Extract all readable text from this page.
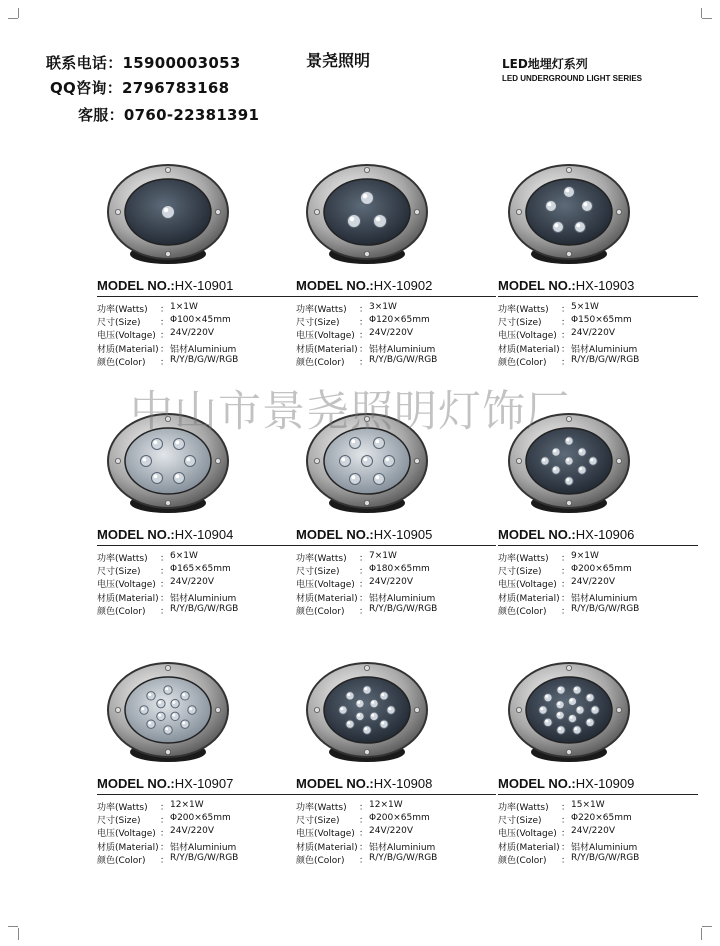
联系电话：15900003053
QQ咨询：2796783168
客服：0760-22381391
景尧照明	LED地埋灯系列
LED UNDERGROUND LIGHT SERIES
MODEL NO.:HX-10901
功率(Watts) ： 1×1W
尺寸(Size) ： Φ100×45mm
电压(Voltage) ： 24V/220V
材质(Material) ： 铝材Aluminium
颜色(Color) ： R/Y/B/G/W/RGB
MODEL NO.:HX-10902
功率(Watts) ： 3×1W
尺寸(Size) ： Φ120×65mm
电压(Voltage) ： 24V/220V
材质(Material) ： 铝材Aluminium
颜色(Color) ： R/Y/B/G/W/RGB
MODEL NO.:HX-10903
功率(Watts) ： 5×1W
尺寸(Size) ： Φ150×65mm
电压(Voltage) ： 24V/220V
材质(Material) ： 铝材Aluminium
颜色(Color) ： R/Y/B/G/W/RGB
MODEL NO.:HX-10904
功率(Watts) ： 6×1W
尺寸(Size) ： Φ165×65mm
电压(Voltage) ： 24V/220V
材质(Material) ： 铝材Aluminium
颜色(Color) ： R/Y/B/G/W/RGB
MODEL NO.:HX-10905
功率(Watts) ： 7×1W
尺寸(Size) ： Φ180×65mm
电压(Voltage) ： 24V/220V
材质(Material) ： 铝材Aluminium
颜色(Color) ： R/Y/B/G/W/RGB
MODEL NO.:HX-10906
功率(Watts) ： 9×1W
尺寸(Size) ： Φ200×65mm
电压(Voltage) ： 24V/220V
材质(Material) ： 铝材Aluminium
颜色(Color) ： R/Y/B/G/W/RGB
MODEL NO.:HX-10907
功率(Watts) ： 12×1W
尺寸(Size) ： Φ200×65mm
电压(Voltage) ： 24V/220V
材质(Material) ： 铝材Aluminium
颜色(Color) ： R/Y/B/G/W/RGB
MODEL NO.:HX-10908
功率(Watts) ： 12×1W
尺寸(Size) ： Φ200×65mm
电压(Voltage) ： 24V/220V
材质(Material) ： 铝材Aluminium
颜色(Color) ： R/Y/B/G/W/RGB
MODEL NO.:HX-10909
功率(Watts) ： 15×1W
尺寸(Size) ： Φ220×65mm
电压(Voltage) ： 24V/220V
材质(Material) ： 铝材Aluminium
颜色(Color) ： R/Y/B/G/W/RGB
中山市景尧照明灯饰厂
